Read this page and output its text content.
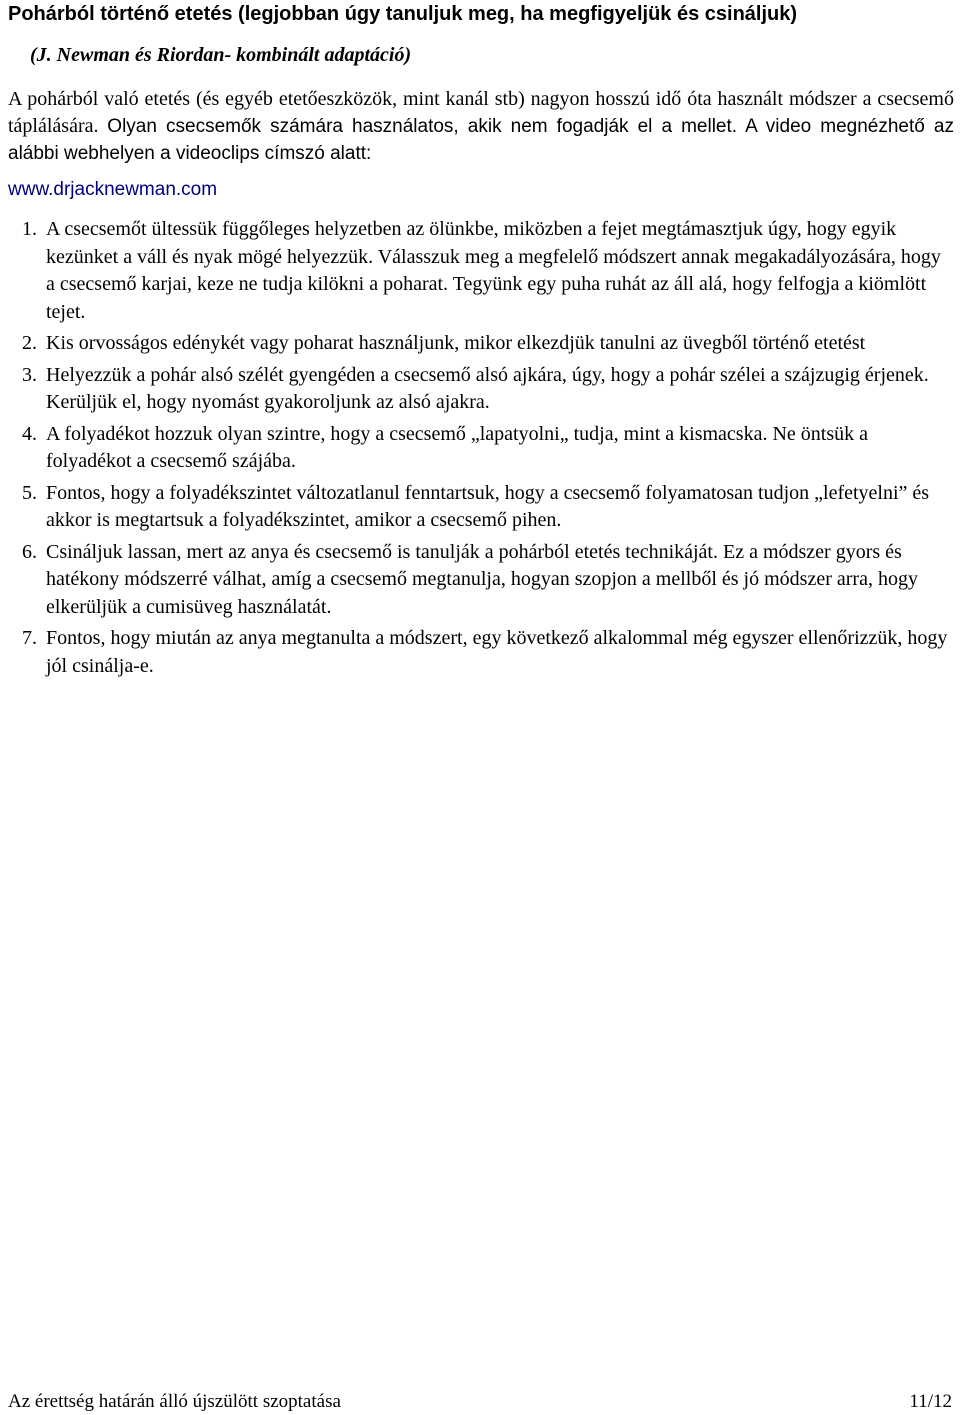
Pohárból történő etetés (legjobban úgy tanuljuk meg, ha megfigyeljük és csináljuk)
(J. Newman és Riordan- kombinált adaptáció)
A pohárból való etetés (és egyéb etetőeszközök, mint kanál stb) nagyon hosszú idő óta használt módszer a csecsemő táplálására. Olyan csecsemők számára használatos, akik nem fogadják el a mellet. A video megnézhető az alábbi webhelyen a videoclips címszó alatt:
www.drjacknewman.com
1. A csecsemőt ültessük függőleges helyzetben az ölünkbe, miközben a fejet megtámasztjuk úgy, hogy egyik kezünket a váll és nyak mögé helyezzük. Válasszuk meg a megfelelő módszert annak megakadályozására, hogy a csecsemő karjai, keze ne tudja kilökni a poharat. Tegyünk egy puha ruhát az áll alá, hogy felfogja a kiömlött tejet.
2. Kis orvosságos edénykét vagy poharat használjunk, mikor elkezdjük tanulni az üvegből történő etetést
3. Helyezzük a pohár alsó szélét gyengéden a csecsemő alsó ajkára, úgy, hogy a pohár szélei a szájzugig érjenek. Kerüljük el, hogy nyomást gyakoroljunk az alsó ajakra.
4. A folyadékot hozzuk olyan szintre, hogy a csecsemő „lapatyolni„ tudja, mint a kismacska. Ne öntsük a folyadékot a csecsemő szájába.
5. Fontos, hogy a folyadékszintet változatlanul fenntartsuk, hogy a csecsemő folyamatosan tudjon „lefetyelni” és akkor is megtartsuk a folyadékszintet, amikor a csecsemő pihen.
6. Csináljuk lassan, mert az anya és csecsemő is tanulják a pohárból etetés technikáját. Ez a módszer gyors és hatékony módszerré válhat, amíg a csecsemő megtanulja, hogyan szopjon a mellből és jó módszer arra, hogy elkerüljük a cumisüveg használatát.
7. Fontos, hogy miután az anya megtanulta a módszert, egy következő alkalommal még egyszer ellenőrizzük, hogy jól csinálja-e.
Az érettség határán álló újszülött szoptatása	11/12
